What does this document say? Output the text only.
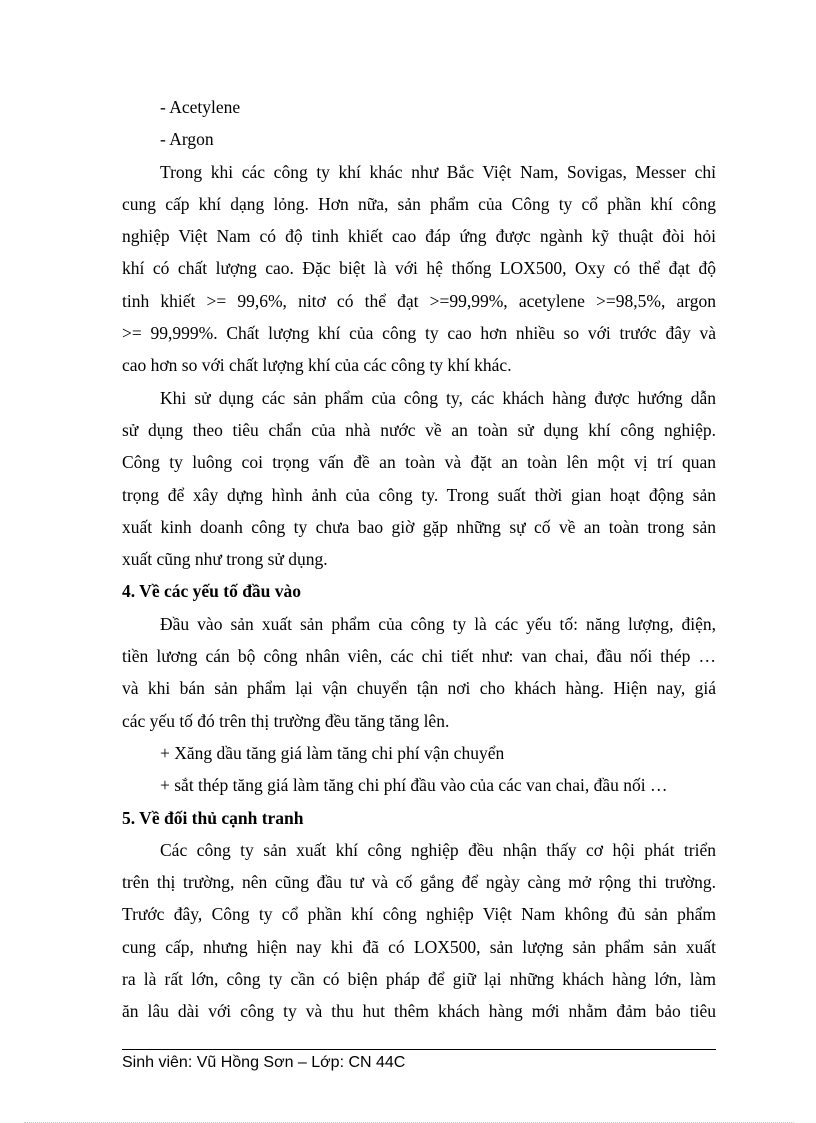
- Acetylene
- Argon
Trong khi các công ty khí khác như Bắc Việt Nam, Sovigas, Messer chỉ
cung cấp khí dạng lỏng. Hơn nữa, sản phẩm của Công ty cổ phần khí công
nghiệp Việt Nam có độ tinh khiết cao đáp ứng được ngành kỹ thuật đòi hỏi
khí có chất lượng cao. Đặc biệt là với hệ thống LOX500, Oxy có thể đạt độ
tinh khiết >= 99,6%, nitơ có thể đạt >=99,99%, acetylene >=98,5%, argon
>= 99,999%. Chất lượng khí của công ty cao hơn nhiều so với trước đây và
cao hơn so với chất lượng khí của các công ty khí khác.
Khi sử dụng các sản phẩm của công ty, các khách hàng được hướng dẫn
sử dụng theo tiêu chẩn của nhà nước về an toàn sử dụng khí công nghiệp.
Công ty luông coi trọng vấn đề an toàn và đặt an toàn lên một vị trí quan
trọng để xây dựng hình ảnh của công ty. Trong suất thời gian hoạt động sản
xuất kinh doanh công ty chưa bao giờ gặp những sự cố về an toàn trong sản
xuất cũng như trong sử dụng.
4. Về các yếu tố đầu vào
Đầu vào sản xuất sản phẩm của công ty là các yếu tố: năng lượng, điện,
tiền lương cán bộ công nhân viên, các chi tiết như: van chai, đầu nối thép …
và khi bán sản phẩm lại vận chuyển tận nơi cho khách hàng. Hiện nay, giá
các yếu tố đó trên thị trường đều tăng tăng lên.
+ Xăng dầu tăng giá làm tăng chi phí vận chuyển
+ sắt thép tăng giá làm tăng chi phí đầu vào của các van chai, đầu nối …
5. Về đối thủ cạnh tranh
Các công ty sản xuất khí công nghiệp đều nhận thấy cơ hội phát triển
trên thị trường, nên cũng đầu tư và cố gắng để ngày càng mở rộng thi trường.
Trước đây, Công ty cổ phần khí công nghiệp Việt Nam không đủ sản phẩm
cung cấp, nhưng hiện nay khi đã có LOX500, sản lượng sản phẩm sản xuất
ra là rất lớn, công ty cần có biện pháp để giữ lại những khách hàng lớn, làm
ăn lâu dài với công ty và thu hut thêm khách hàng mới nhằm đảm bảo tiêu
Sinh viên: Vũ Hồng Sơn – Lớp: CN 44C
